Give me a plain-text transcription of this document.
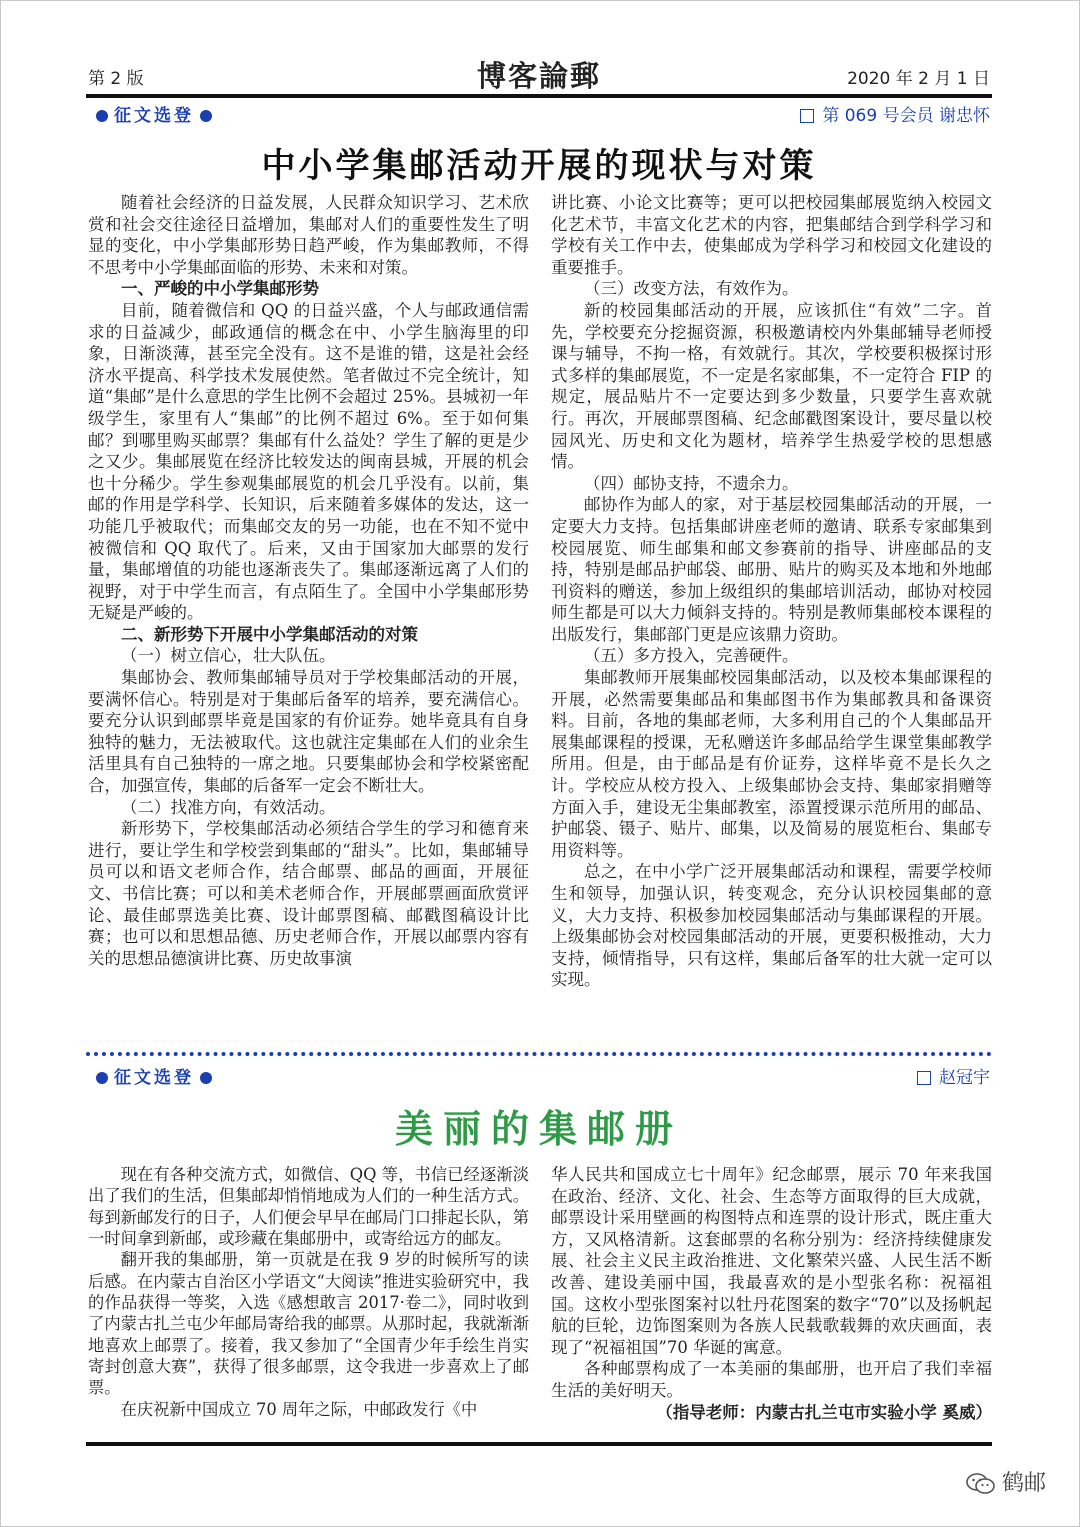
第 2 版	博客論郵	2020 年 2 月 1 日
征文选登	第 069 号会员 谢忠怀
中小学集邮活动开展的现状与对策

随着社会经济的日益发展，人民群众知识学习、艺术欣赏和社会交往途径日益增加，集邮对人们的重要性发生了明显的变化，中小学集邮形势日趋严峻，作为集邮教师，不得不思考中小学集邮面临的形势、未来和对策。

一、严峻的中小学集邮形势

目前，随着微信和 QQ 的日益兴盛，个人与邮政通信需求的日益减少，邮政通信的概念在中、小学生脑海里的印象，日渐淡薄，甚至完全没有。这不是谁的错，这是社会经济水平提高、科学技术发展使然。笔者做过不完全统计，知道“集邮”是什么意思的学生比例不会超过 25%。县城初一年级学生，家里有人“集邮”的比例不超过 6%。至于如何集邮？到哪里购买邮票？集邮有什么益处？学生了解的更是少之又少。集邮展览在经济比较发达的闽南县城，开展的机会也十分稀少。学生参观集邮展览的机会几乎没有。以前，集邮的作用是学科学、长知识，后来随着多媒体的发达，这一功能几乎被取代；而集邮交友的另一功能，也在不知不觉中被微信和 QQ 取代了。后来，又由于国家加大邮票的发行量，集邮增值的功能也逐渐丧失了。集邮逐渐远离了人们的视野，对于中学生而言，有点陌生了。全国中小学集邮形势无疑是严峻的。

二、新形势下开展中小学集邮活动的对策

（一）树立信心，壮大队伍。

集邮协会、教师集邮辅导员对于学校集邮活动的开展，要满怀信心。特别是对于集邮后备军的培养，要充满信心。要充分认识到邮票毕竟是国家的有价证券。她毕竟具有自身独特的魅力，无法被取代。这也就注定集邮在人们的业余生活里具有自己独特的一席之地。只要集邮协会和学校紧密配合，加强宣传，集邮的后备军一定会不断壮大。

（二）找准方向，有效活动。

新形势下，学校集邮活动必须结合学生的学习和德育来进行，要让学生和学校尝到集邮的“甜头”。比如，集邮辅导员可以和语文老师合作，结合邮票、邮品的画面，开展征文、书信比赛；可以和美术老师合作，开展邮票画面欣赏评论、最佳邮票选美比赛、设计邮票图稿、邮戳图稿设计比赛；也可以和思想品德、历史老师合作，开展以邮票内容有关的思想品德演讲比赛、历史故事演

讲比赛、小论文比赛等；更可以把校园集邮展览纳入校园文化艺术节，丰富文化艺术的内容，把集邮结合到学科学习和学校有关工作中去，使集邮成为学科学习和校园文化建设的重要推手。

（三）改变方法，有效作为。

新的校园集邮活动的开展，应该抓住“有效”二字。首先，学校要充分挖掘资源，积极邀请校内外集邮辅导老师授课与辅导，不拘一格，有效就行。其次，学校要积极探讨形式多样的集邮展览，不一定是名家邮集，不一定符合 FIP 的规定，展品贴片不一定要达到多少数量，只要学生喜欢就行。再次，开展邮票图稿、纪念邮戳图案设计，要尽量以校园风光、历史和文化为题材，培养学生热爱学校的思想感情。

（四）邮协支持，不遗余力。

邮协作为邮人的家，对于基层校园集邮活动的开展，一定要大力支持。包括集邮讲座老师的邀请、联系专家邮集到校园展览、师生邮集和邮文参赛前的指导、讲座邮品的支持，特别是邮品护邮袋、邮册、贴片的购买及本地和外地邮刊资料的赠送，参加上级组织的集邮培训活动，邮协对校园师生都是可以大力倾斜支持的。特别是教师集邮校本课程的出版发行，集邮部门更是应该鼎力资助。

（五）多方投入，完善硬件。

集邮教师开展集邮校园集邮活动，以及校本集邮课程的开展，必然需要集邮品和集邮图书作为集邮教具和备课资料。目前，各地的集邮老师，大多利用自己的个人集邮品开展集邮课程的授课，无私赠送许多邮品给学生课堂集邮教学所用。但是，由于邮品是有价证券，这样毕竟不是长久之计。学校应从校方投入、上级集邮协会支持、集邮家捐赠等方面入手，建设无尘集邮教室，添置授课示范所用的邮品、护邮袋、镊子、贴片、邮集，以及简易的展览柜台、集邮专用资料等。

总之，在中小学广泛开展集邮活动和课程，需要学校师生和领导，加强认识，转变观念，充分认识校园集邮的意义，大力支持、积极参加校园集邮活动与集邮课程的开展。上级集邮协会对校园集邮活动的开展，更要积极推动，大力支持，倾情指导，只有这样，集邮后备军的壮大就一定可以实现。

征文选登	赵冠宇
美丽的集邮册

现在有各种交流方式，如微信、QQ 等，书信已经逐渐淡出了我们的生活，但集邮却悄悄地成为人们的一种生活方式。每到新邮发行的日子，人们便会早早在邮局门口排起长队，第一时间拿到新邮，或珍藏在集邮册中，或寄给远方的邮友。

翻开我的集邮册，第一页就是在我 9 岁的时候所写的读后感。在内蒙古自治区小学语文“大阅读”推进实验研究中，我的作品获得一等奖，入选《感想敢言 2017·卷二》，同时收到了内蒙古扎兰屯少年邮局寄给我的邮票。从那时起，我就渐渐地喜欢上邮票了。接着，我又参加了“全国青少年手绘生肖实寄封创意大赛”，获得了很多邮票，这令我进一步喜欢上了邮票。

在庆祝新中国成立 70 周年之际，中邮政发行《中

华人民共和国成立七十周年》纪念邮票，展示 70 年来我国在政治、经济、文化、社会、生态等方面取得的巨大成就，邮票设计采用壁画的构图特点和连票的设计形式，既庄重大方，又风格清新。这套邮票的名称分别为：经济持续健康发展、社会主义民主政治推进、文化繁荣兴盛、人民生活不断改善、建设美丽中国，我最喜欢的是小型张名称：祝福祖国。这枚小型张图案衬以牡丹花图案的数字“70”以及扬帆起航的巨轮，边饰图案则为各族人民载歌载舞的欢庆画面，表现了“祝福祖国”70 华诞的寓意。

各种邮票构成了一本美丽的集邮册，也开启了我们幸福生活的美好明天。

（指导老师：内蒙古扎兰屯市实验小学 奚威）

鹤邮
